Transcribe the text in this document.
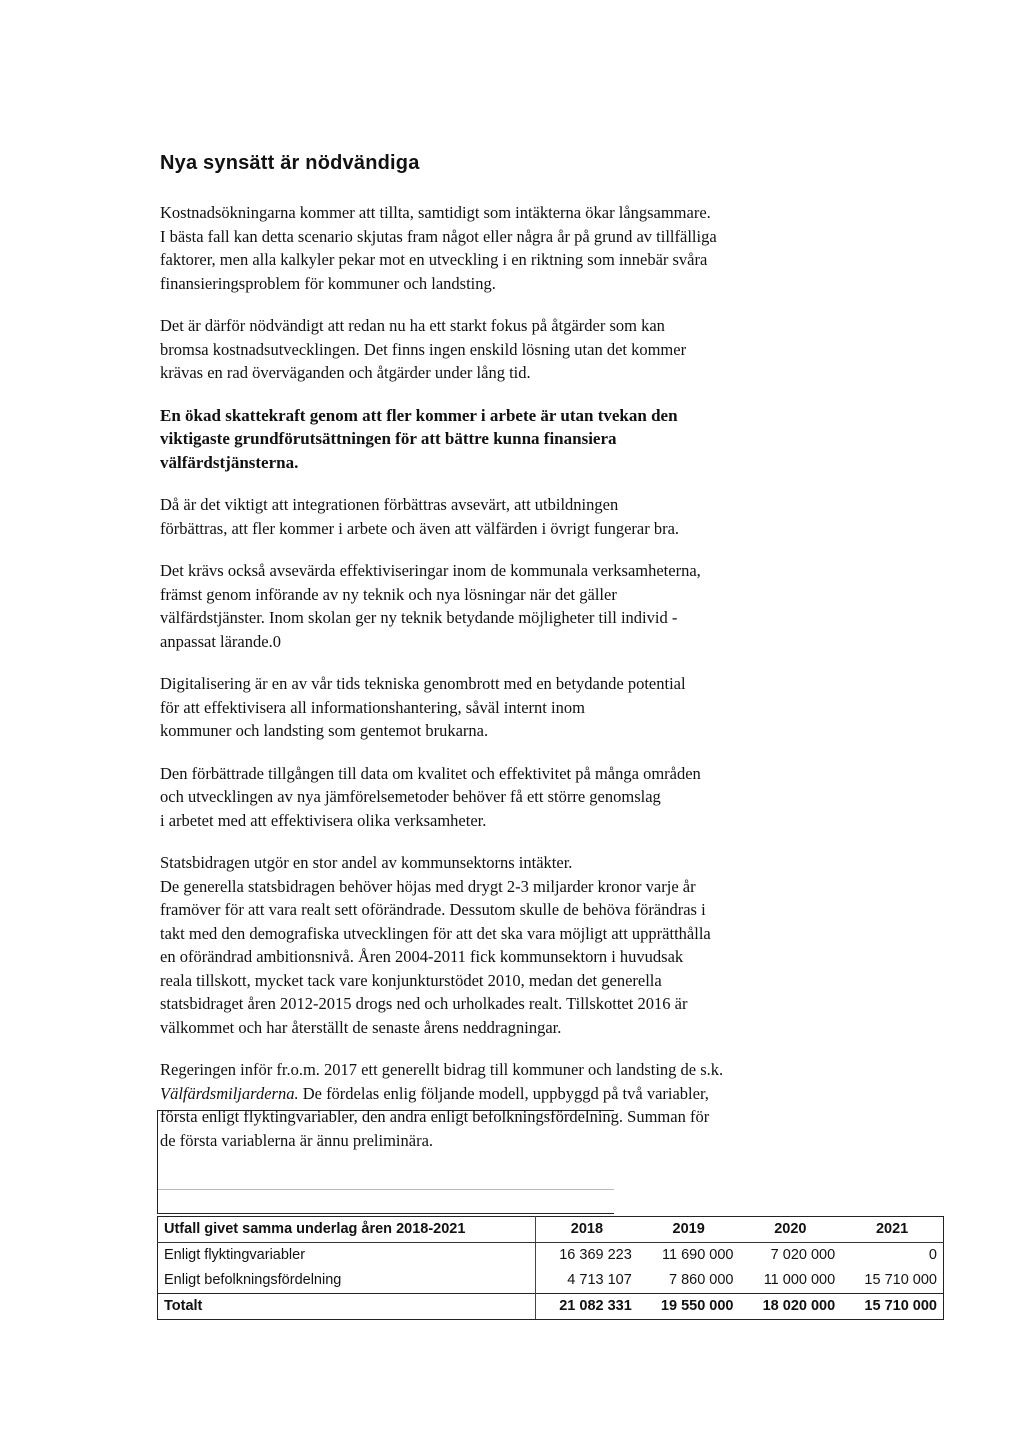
Nya synsätt är nödvändiga
Kostnadsökningarna kommer att tillta, samtidigt som intäkterna ökar långsammare.
I bästa fall kan detta scenario skjutas fram något eller några år på grund av tillfälliga
faktorer, men alla kalkyler pekar mot en utveckling i en riktning som innebär svåra
finansieringsproblem för kommuner och landsting.
Det är därför nödvändigt att redan nu ha ett starkt fokus på åtgärder som kan
bromsa kostnadsutvecklingen. Det finns ingen enskild lösning utan det kommer
krävas en rad överväganden och åtgärder under lång tid.
En ökad skattekraft genom att fler kommer i arbete är utan tvekan den
viktigaste grundförutsättningen för att bättre kunna finansiera
välfärdstjänsterna.
Då är det viktigt att integrationen förbättras avsevärt, att utbildningen
förbättras, att fler kommer i arbete och även att välfärden i övrigt fungerar bra.
Det krävs också avsevärda effektiviseringar inom de kommunala verksamheterna,
främst genom införande av ny teknik och nya lösningar när det gäller
välfärdstjänster. Inom skolan ger ny teknik betydande möjligheter till individ -
anpassat lärande.0
Digitalisering är en av vår tids tekniska genombrott med en betydande potential
för att effektivisera all informationshantering, såväl internt inom
kommuner och landsting som gentemot brukarna.
Den förbättrade tillgången till data om kvalitet och effektivitet på många områden
och utvecklingen av nya jämförelsemetoder behöver få ett större genomslag
i arbetet med att effektivisera olika verksamheter.
Statsbidragen utgör en stor andel av kommunsektorns intäkter.
De generella statsbidragen behöver höjas med drygt 2-3 miljarder kronor varje år
framöver för att vara realt sett oförändrade. Dessutom skulle de behöva förändras i
takt med den demografiska utvecklingen för att det ska vara möjligt att upprätthålla
en oförändrad ambitionsnivå. Åren 2004-2011 fick kommunsektorn i huvudsak
reala tillskott, mycket tack vare konjunkturstödet 2010, medan det generella
statsbidraget åren 2012-2015 drogs ned och urholkades realt. Tillskottet 2016 är
välkommet och har återställt de senaste årens neddragningar.
Regeringen inför fr.o.m. 2017 ett generellt bidrag till kommuner och landsting de s.k.
Välfärdsmiljarderna. De fördelas enlig följande modell, uppbyggd på två variabler,
första enligt flyktingvariabler, den andra enligt befolkningsfördelning. Summan för
de första variablerna är ännu preliminära.
Utfall givet samma underlag åren 2018-2021	2018	2019	2020	2021
Enligt flyktingvariabler	16 369 223	11 690 000	7 020 000	0
Enligt befolkningsfördelning	4 713 107	7 860 000	11 000 000	15 710 000
Totalt	21 082 331	19 550 000	18 020 000	15 710 000
